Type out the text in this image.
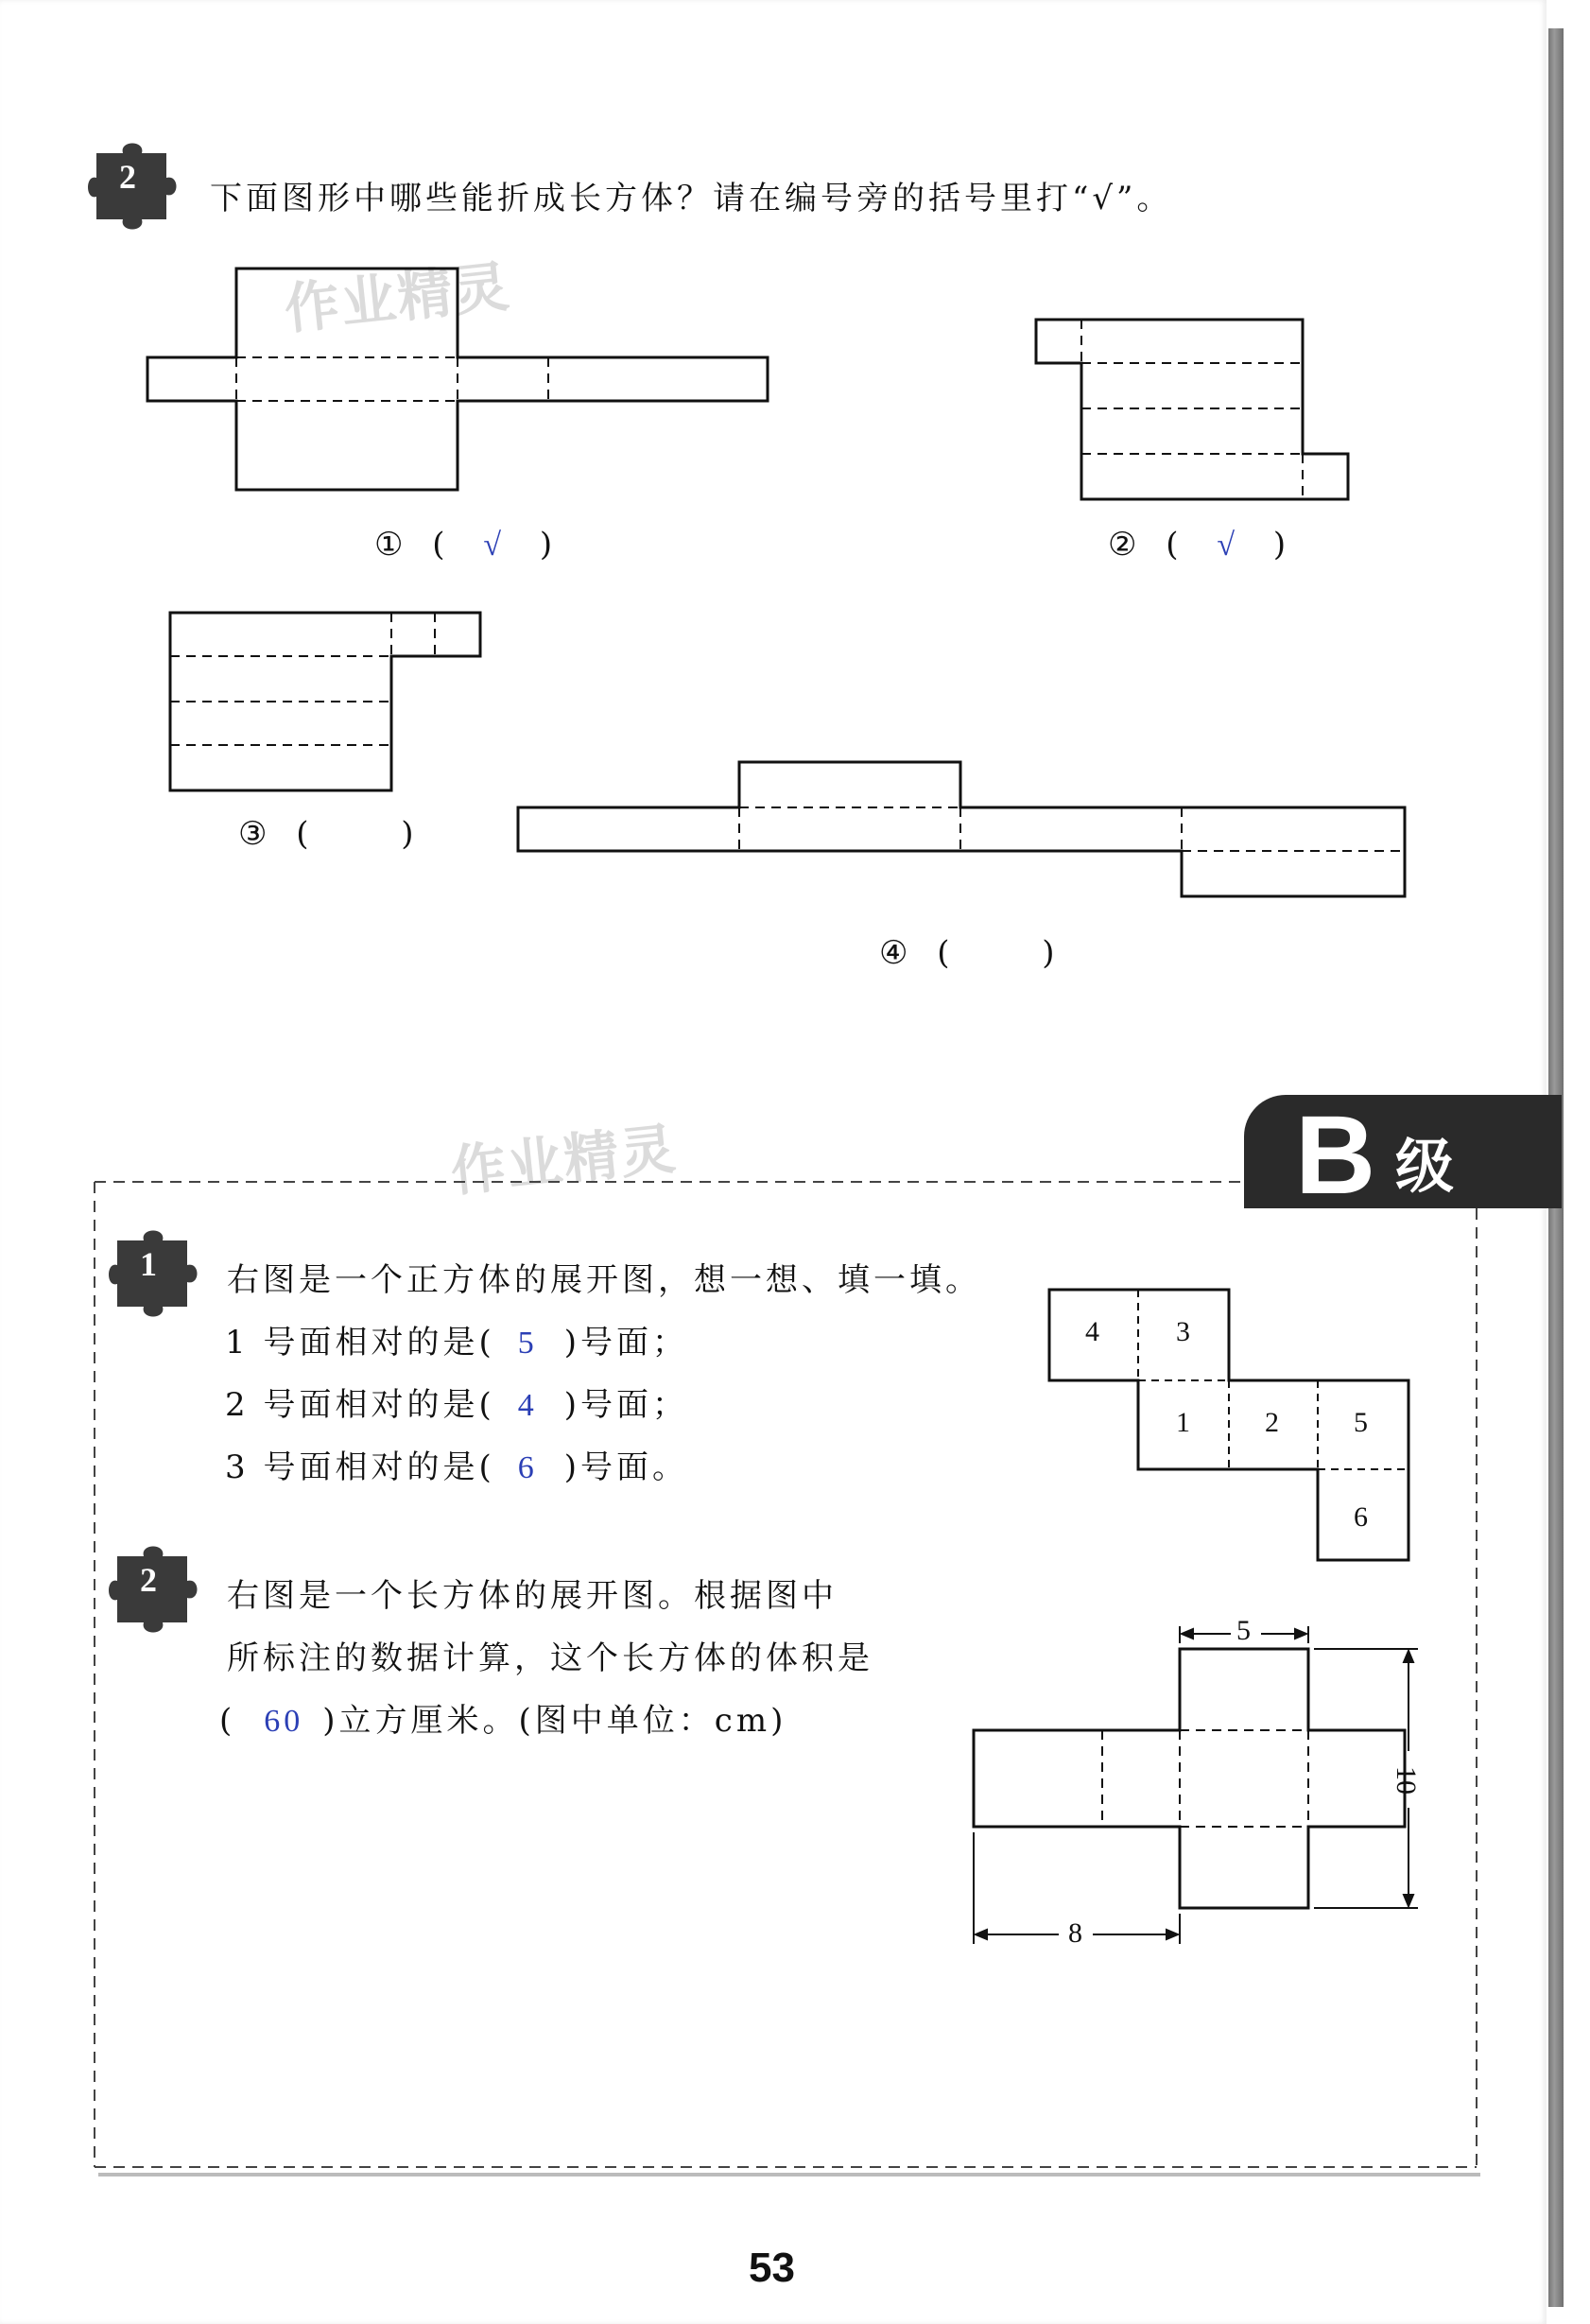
2
下面图形中哪些能折成长方体？请在编号旁的括号里打“√”。
作业精灵
① ( √ )	② ( √ )
③ (	)
④ (	)
作业精灵	B 级
1 右图是一个正方体的展开图，想一想、填一填。
1 号面相对的是( 5 )号面；
2 号面相对的是( 4 )号面；
3 号面相对的是( 6 )号面。
4	3
1	2	5
6
2 右图是一个长方体的展开图。根据图中
所标注的数据计算，这个长方体的体积是
( 60 )立方厘米。(图中单位：cm)
5
10
8
53
